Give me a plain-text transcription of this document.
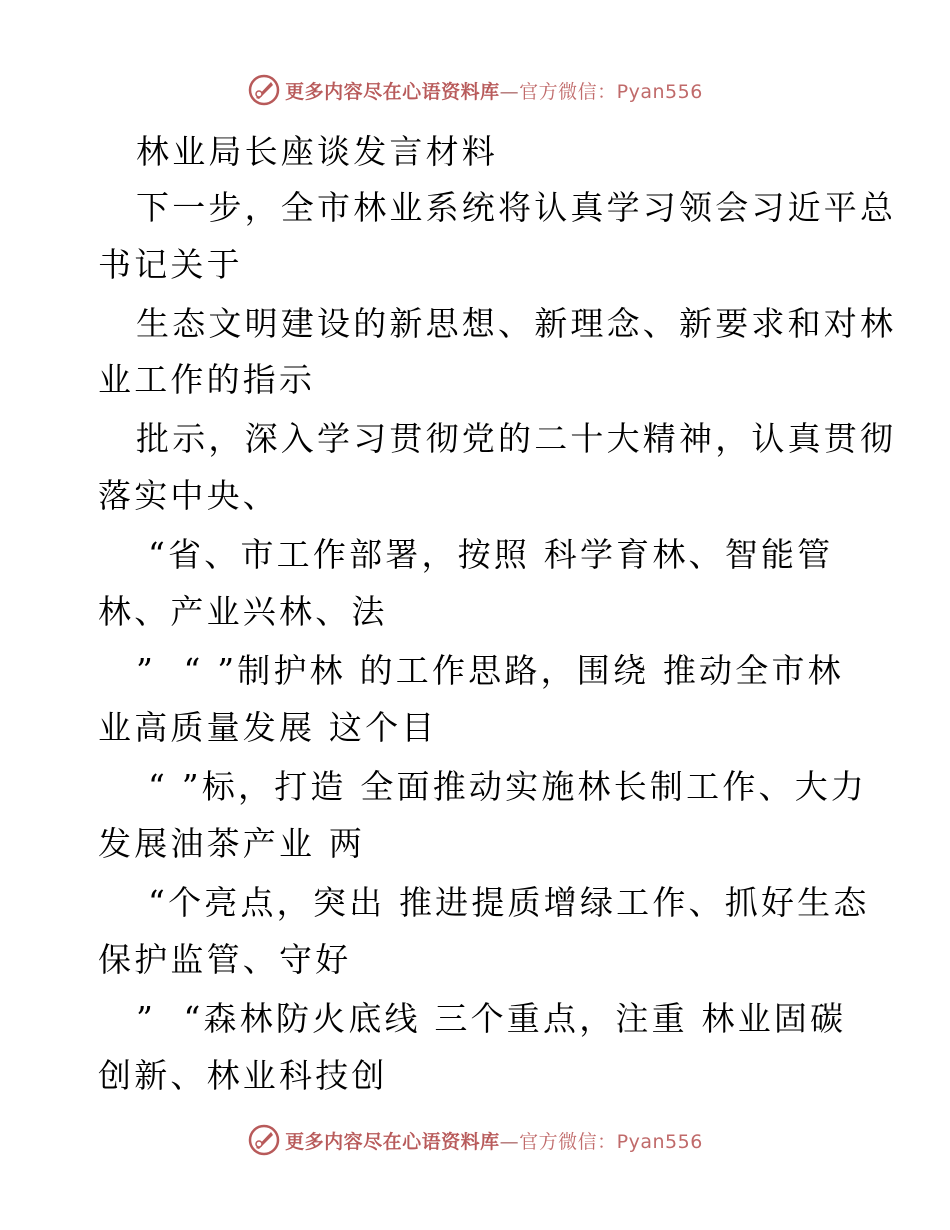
更多内容尽在心语资料库—官方微信：Pyan556
林业局长座谈发言材料
下一步，全市林业系统将认真学习领会习近平总
书记关于
生态文明建设的新思想、新理念、新要求和对林
业工作的指示
批示，深入学习贯彻党的二十大精神，认真贯彻
落实中央、
“省、市工作部署，按照 科学育林、智能管
林、产业兴林、法
”  “ ”制护林 的工作思路，围绕 推动全市林
业高质量发展 这个目
“ ”标，打造 全面推动实施林长制工作、大力
发展油茶产业 两
“个亮点，突出 推进提质增绿工作、抓好生态
保护监管、守好
”  “森林防火底线 三个重点，注重 林业固碳
创新、林业科技创
更多内容尽在心语资料库—官方微信：Pyan556
